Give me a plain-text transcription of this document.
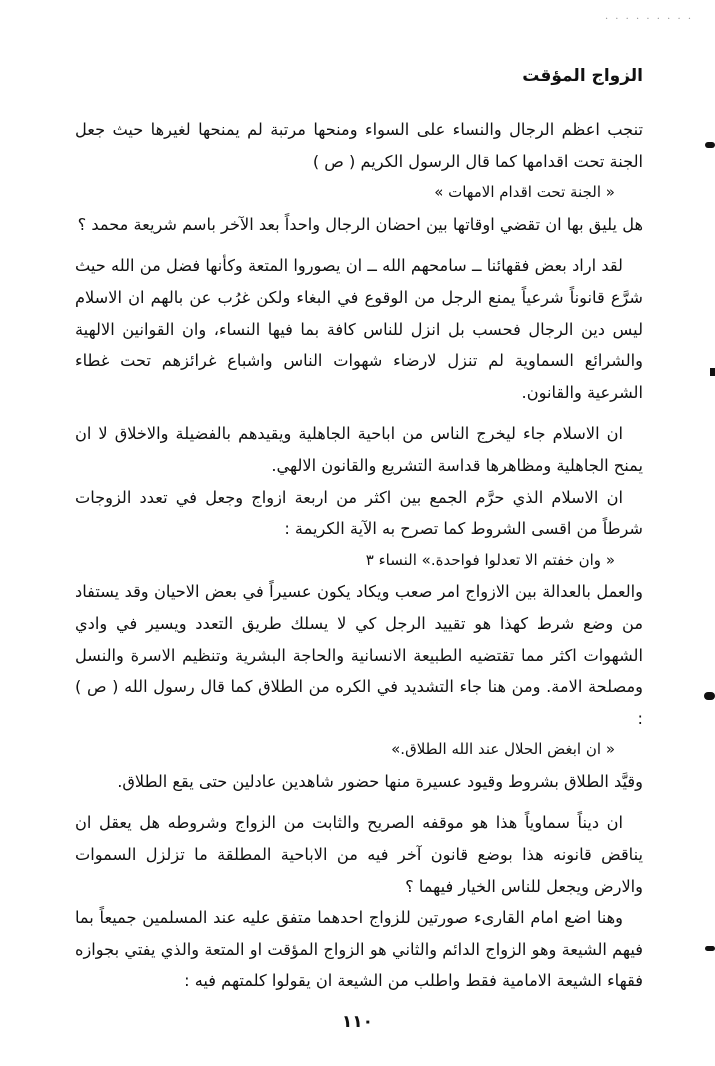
· · · · · · · · ·
الزواج المؤقت

تنجب اعظم الرجال والنساء على السواء ومنحها مرتبة لم يمنحها لغيرها حيث جعل الجنة تحت اقدامها كما قال الرسول الكريم ( ص )

« الجنة تحت اقدام الامهات »

هل يليق بها ان تقضي اوقاتها بين احضان الرجال واحداً بعد الآخر باسم شريعة محمد ؟

لقد اراد بعض فقهائنا ــ سامحهم الله ــ ان يصوروا المتعة وكأنها فضل من الله حيث شرَّع قانوناً شرعياً يمنع الرجل من الوقوع في البغاء ولكن غرُب عن بالهم ان الاسلام ليس دين الرجال فحسب بل انزل للناس كافة بما فيها النساء، وان القوانين الالهية والشرائع السماوية لم تنزل لارضاء شهوات الناس واشباع غرائزهم تحت غطاء الشرعية والقانون.

ان الاسلام جاء ليخرج الناس من اباحية الجاهلية ويقيدهم بالفضيلة والاخلاق لا ان يمنح الجاهلية ومظاهرها قداسة التشريع والقانون الالهي.

ان الاسلام الذي حرَّم الجمع بين اكثر من اربعة ازواج وجعل في تعدد الزوجات شرطاً من اقسى الشروط كما تصرح به الآية الكريمة :

« وان خفتم الا تعدلوا فواحدة.» النساء ٣

والعمل بالعدالة بين الازواج امر صعب ويكاد يكون عسيراً في بعض الاحيان وقد يستفاد من وضع شرط كهذا هو تقييد الرجل كي لا يسلك طريق التعدد ويسير في وادي الشهوات اكثر مما تقتضيه الطبيعة الانسانية والحاجة البشرية وتنظيم الاسرة والنسل ومصلحة الامة. ومن هنا جاء التشديد في الكره من الطلاق كما قال رسول الله ( ص ) :

« ان ابغض الحلال عند الله الطلاق.»

وقيَّد الطلاق بشروط وقيود عسيرة منها حضور شاهدين عادلين حتى يقع الطلاق.

ان ديناً سماوياً هذا هو موقفه الصريح والثابت من الزواج وشروطه هل يعقل ان يناقض قانونه هذا بوضع قانون آخر فيه من الاباحية المطلقة ما تزلزل السموات والارض ويجعل للناس الخيار فيهما ؟

وهنا اضع امام القارىء صورتين للزواج احدهما متفق عليه عند المسلمين جميعاً بما فيهم الشيعة وهو الزواج الدائم والثاني هو الزواج المؤقت او المتعة والذي يفتي بجوازه فقهاء الشيعة الامامية فقط واطلب من الشيعة ان يقولوا كلمتهم فيه :

١١٠
